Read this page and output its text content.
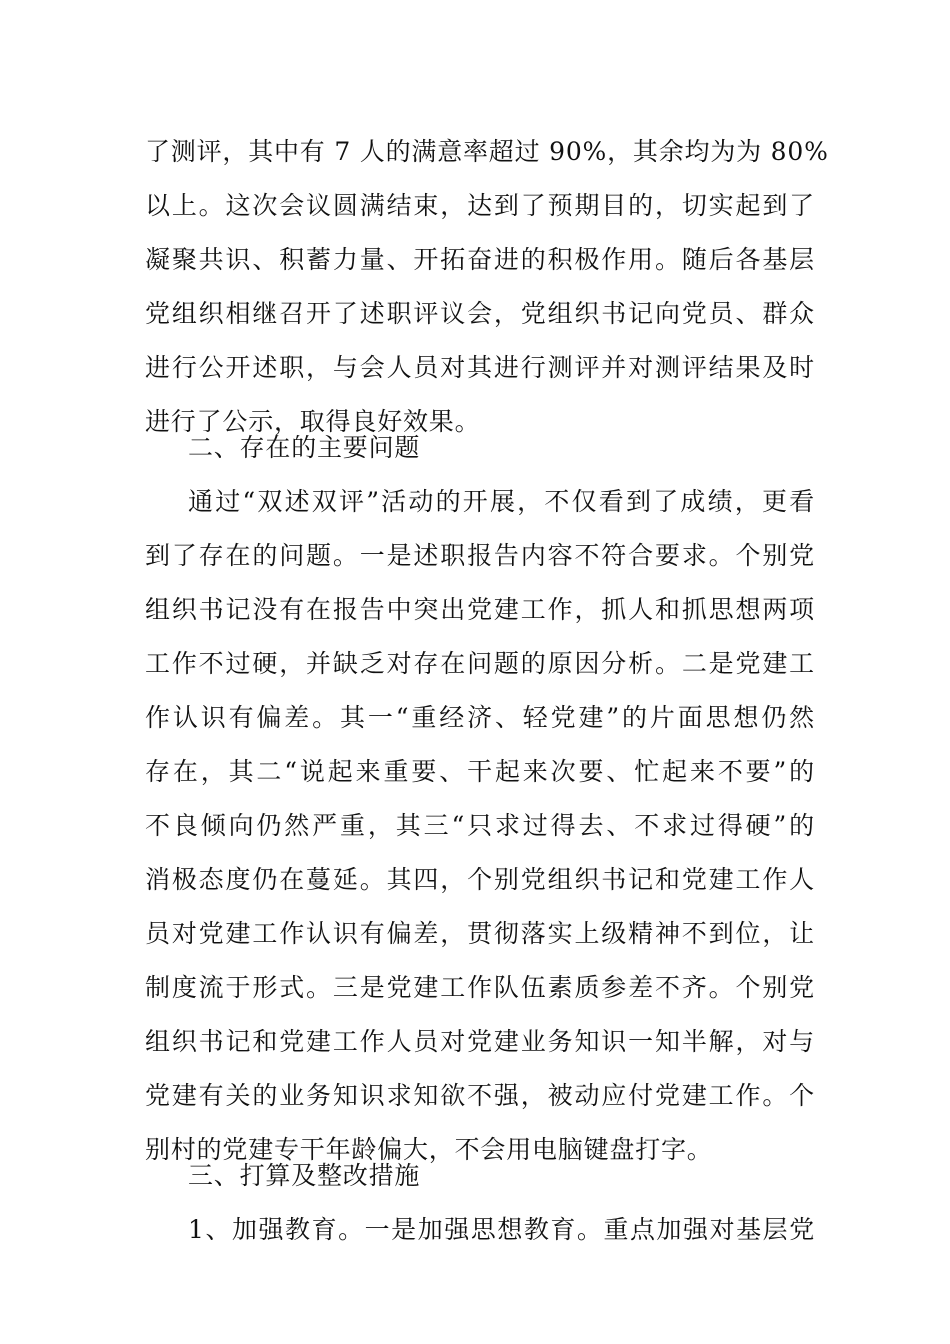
了测评，其中有 7 人的满意率超过 90%，其余均为为 80%
以上。这次会议圆满结束，达到了预期目的，切实起到了
凝聚共识、积蓄力量、开拓奋进的积极作用。随后各基层
党组织相继召开了述职评议会，党组织书记向党员、群众
进行公开述职，与会人员对其进行测评并对测评结果及时
进行了公示，取得良好效果。
二、存在的主要问题
通过“双述双评”活动的开展，不仅看到了成绩，更看
到了存在的问题。一是述职报告内容不符合要求。个别党
组织书记没有在报告中突出党建工作，抓人和抓思想两项
工作不过硬，并缺乏对存在问题的原因分析。二是党建工
作认识有偏差。其一“重经济、轻党建”的片面思想仍然
存在，其二“说起来重要、干起来次要、忙起来不要”的
不良倾向仍然严重，其三“只求过得去、不求过得硬”的
消极态度仍在蔓延。其四，个别党组织书记和党建工作人
员对党建工作认识有偏差，贯彻落实上级精神不到位，让
制度流于形式。三是党建工作队伍素质参差不齐。个别党
组织书记和党建工作人员对党建业务知识一知半解，对与
党建有关的业务知识求知欲不强，被动应付党建工作。个
别村的党建专干年龄偏大，不会用电脑键盘打字。
三、打算及整改措施
1、加强教育。一是加强思想教育。重点加强对基层党
